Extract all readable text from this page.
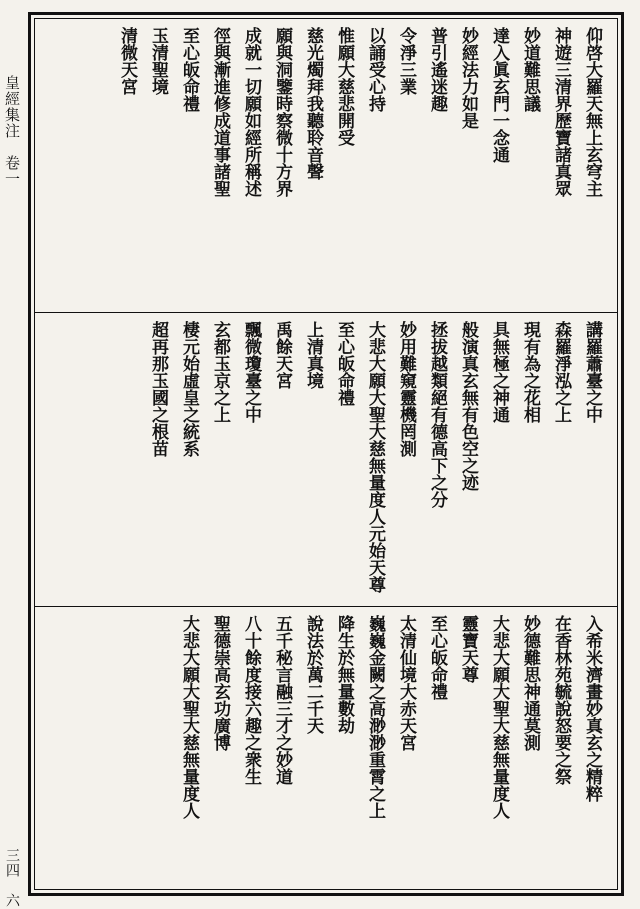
皇經集注　卷一
三四　六
仰啓大羅天無上玄穹主
神遊三清界歷寶諸真眾
妙道難思議
達入眞玄門一念通
妙經法力如是
普引遙迷趣
令淨三業
以誦受心持
惟願大慈悲開受
慈光燭拜我聽聆音聲
願與洞鑒時察微十方界
成就一切願如經所稱述
徑與漸進修成道事諸聖
至心皈命禮
玉清聖境
清微天宮
講羅蕭臺之中
森羅淨泓之上
現有為之花相
具無極之神通
般演真玄無有色空之迹
拯拔越類絕有德高下之分
妙用難窺靈機罔測
大悲大願大聖大慈無量度人元始天尊
至心皈命禮
上清真境
禹餘天宮
飄微瓊臺之中
玄都玉京之上
棲元始虛皇之統系
超再那玉國之根苗
入希米濟畫妙真玄之精粹
在香林苑毓說怒要之祭
妙德難思神通莫測
大悲大願大聖大慈無量度人
靈寶天尊
至心皈命禮
太清仙境大赤天宮
巍巍金闕之高渺渺重霄之上
降生於無量數劫
說法於萬二千天
五千秘言融三才之妙道
八十餘度接六趣之衆生
聖德崇高玄功廣博
大悲大願大聖大慈無量度人
